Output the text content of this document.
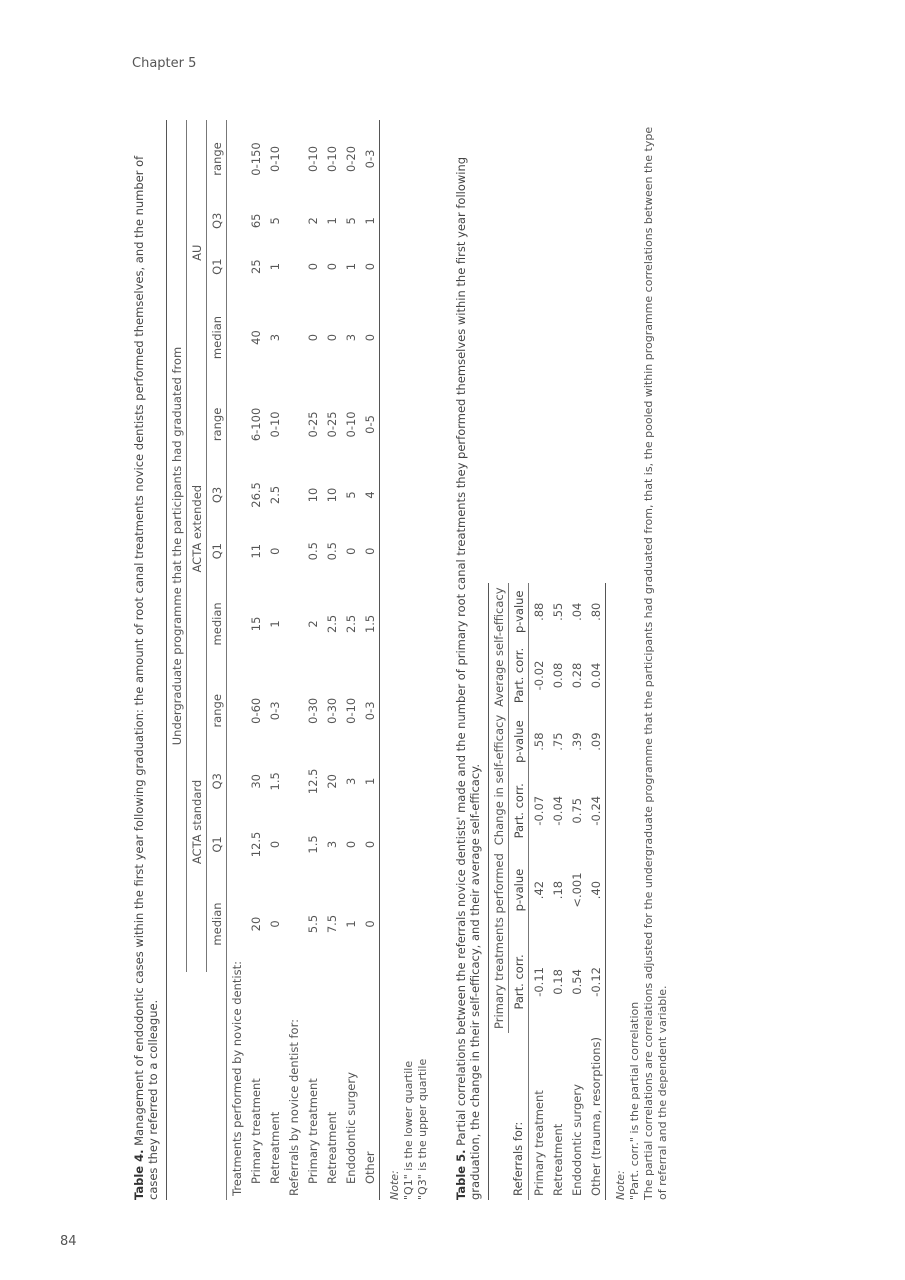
Chapter 5
84

Table 4. Management of endodontic cases within the first year following graduation: the amount of root canal treatments novice dentists performed themselves, and the number of cases they referred to a colleague.

	Undergraduate programme that the participants had graduated from											
	ACTA standard				ACTA extended				AU			
	median	Q1	Q3	range	median	Q1	Q3	range	median	Q1	Q3	range
Treatments performed by novice dentist:												
Primary treatment	20	12.5	30	0-60	15	11	26.5	6-100	40	25	65	0-150
Retreatment	0	0	1.5	0-3	1	0	2.5	0-10	3	1	5	0-10
Referrals by novice dentist for:												
Primary treatment	5.5	1.5	12.5	0-30	2	0.5	10	0-25	0	0	2	0-10
Retreatment	7.5	3	20	0-30	2.5	0.5	10	0-25	0	0	1	0-10
Endodontic surgery	1	0	3	0-10	2.5	0	5	0-10	3	1	5	0-20
Other	0	0	1	0-3	1.5	0	4	0-5	0	0	1	0-3
Note: "Q1" is the lower quartile "Q3" is the upper quartile Table 5. Partial correlations between the referrals novice dentists' made and the number of primary root canal treatments they performed themselves within the first year following graduation, the change in their self-efficacy, and their average self-efficacy.

	Primary treatments performed		Change in self-efficacy		Average self-efficacy	
Referrals for:	Part. corr.	p-value	Part. corr.	p-value	Part. corr.	p-value
Primary treatment	-0.11	.42	-0.07	.58	-0.02	.88
Retreatment	0.18	.18	-0.04	.75	0.08	.55
Endodontic surgery	0.54	<.001	0.75	.39	0.28	.04
Other (trauma, resorptions)	-0.12	.40	-0.24	.09	0.04	.80
Note: "Part. corr." is the partial correlation The partial correlations are correlations adjusted for the undergraduate programme that the participants had graduated from, that is, the pooled within programme correlations between the type of referral and the dependent variable.
